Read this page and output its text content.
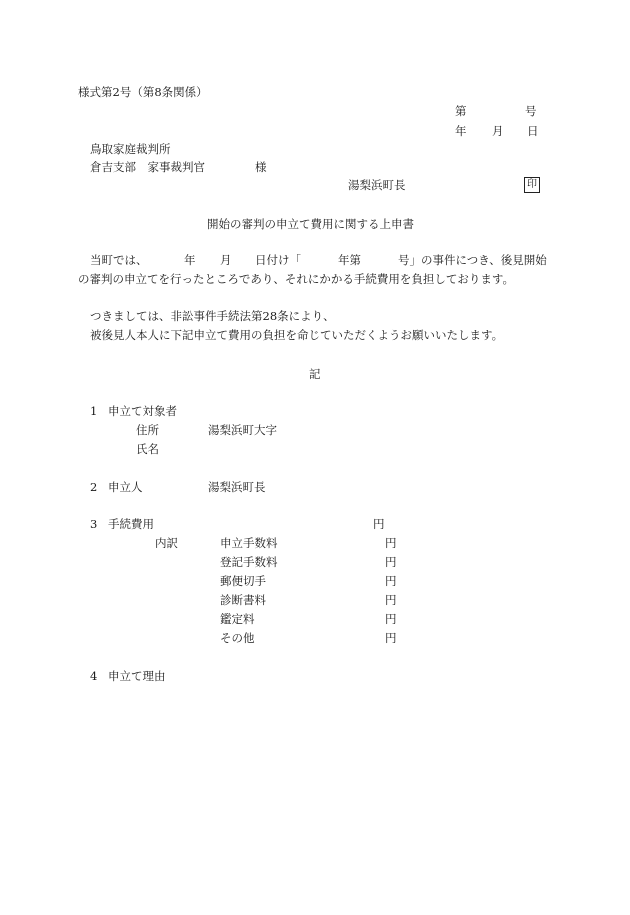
様式第2号（第8条関係）
第	号
年 月 日
鳥取家庭裁判所
倉吉支部　家事裁判官	様
湯梨浜町長	印
開始の審判の申立て費用に関する上申書
当町では、	年 月 日付け「	年第	号」の事件につき、後見開始
の審判の申立てを行ったところであり、それにかかる手続費用を負担しております。
つきましては、非訟事件手続法第28条により、
被後見人本人に下記申立て費用の負担を命じていただくようお願いいたします。
記
1 申立て対象者
住所	湯梨浜町大字
氏名
2 申立人	湯梨浜町長
3 手続費用	円
内訳	申立手数料	円
登記手数料	円
郵便切手	円
診断書料	円
鑑定料	円
その他	円
4 申立て理由
